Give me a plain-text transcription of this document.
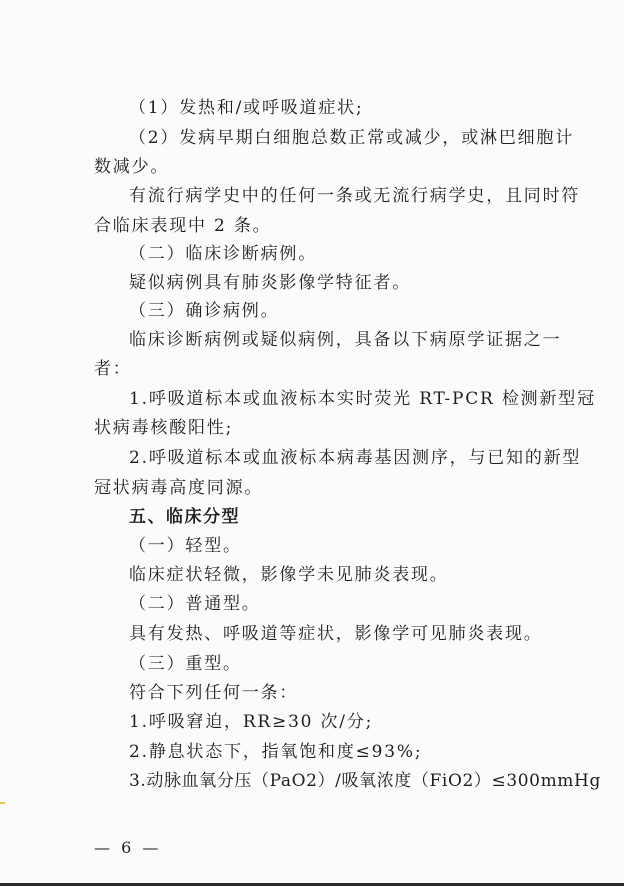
（1）发热和/或呼吸道症状;
（2）发病早期白细胞总数正常或减少，或淋巴细胞计
数减少。
有流行病学史中的任何一条或无流行病学史，且同时符
合临床表现中 2 条。
（二）临床诊断病例。
疑似病例具有肺炎影像学特征者。
（三）确诊病例。
临床诊断病例或疑似病例，具备以下病原学证据之一
者：
1.呼吸道标本或血液标本实时荧光 RT-PCR 检测新型冠
状病毒核酸阳性;
2.呼吸道标本或血液标本病毒基因测序，与已知的新型
冠状病毒高度同源。
五、临床分型
（一）轻型。
临床症状轻微，影像学未见肺炎表现。
（二）普通型。
具有发热、呼吸道等症状，影像学可见肺炎表现。
（三）重型。
符合下列任何一条：
1.呼吸窘迫，RR≥30 次/分;
2.静息状态下，指氧饱和度≤93%;
3.动脉血氧分压（PaO2）/吸氧浓度（FiO2）≤300mmHg
— 6 —
